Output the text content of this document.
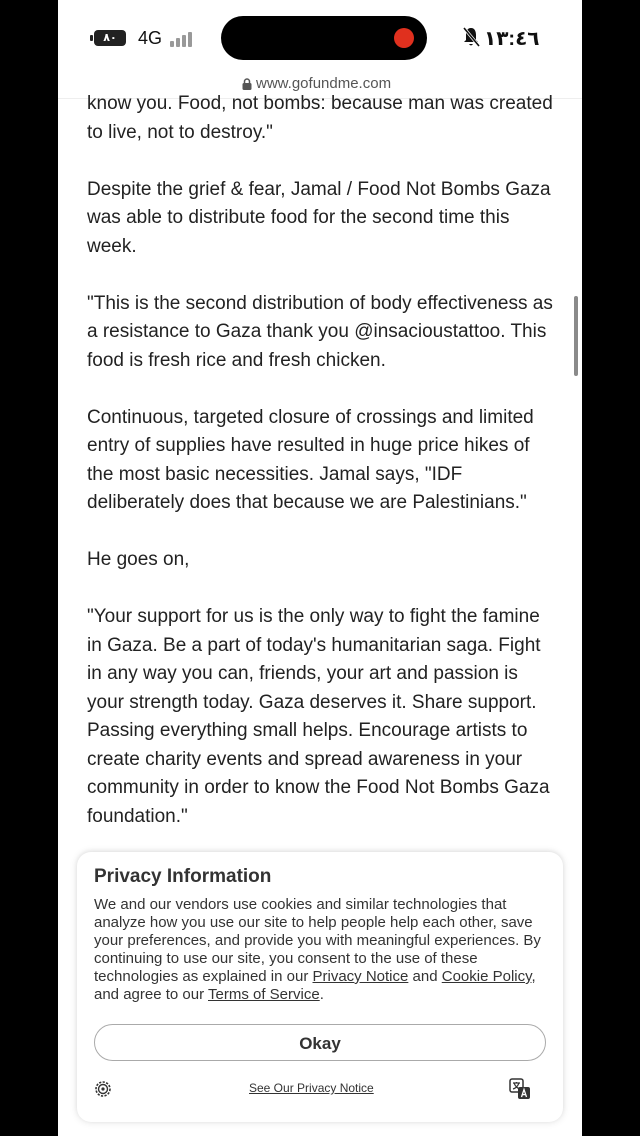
٨٠	4G	١٣:٤٦
www.gofundme.com

know you. Food, not bombs: because man was created to live, not to destroy."

Despite the grief & fear, Jamal / Food Not Bombs Gaza was able to distribute food for the second time this week.

"This is the second distribution of body effectiveness as a resistance to Gaza thank you @insacioustattoo. This food is fresh rice and fresh chicken.

Continuous, targeted closure of crossings and limited entry of supplies have resulted in huge price hikes of the most basic necessities. Jamal says, "IDF deliberately does that because we are Palestinians."

He goes on,

"Your support for us is the only way to fight the famine in Gaza. Be a part of today's humanitarian saga. Fight in any way you can, friends, your art and passion is your strength today. Gaza deserves it. Share support. Passing everything small helps. Encourage artists to create charity events and spread awareness in your community in order to know the Food Not Bombs Gaza foundation."

Privacy Information
We and our vendors use cookies and similar technologies that analyze how you use our site to help people help each other, save your preferences, and provide you with meaningful experiences. By continuing to use our site, you consent to the use of these technologies as explained in our Privacy Notice and Cookie Policy, and agree to our Terms of Service.
Okay
See Our Privacy Notice
